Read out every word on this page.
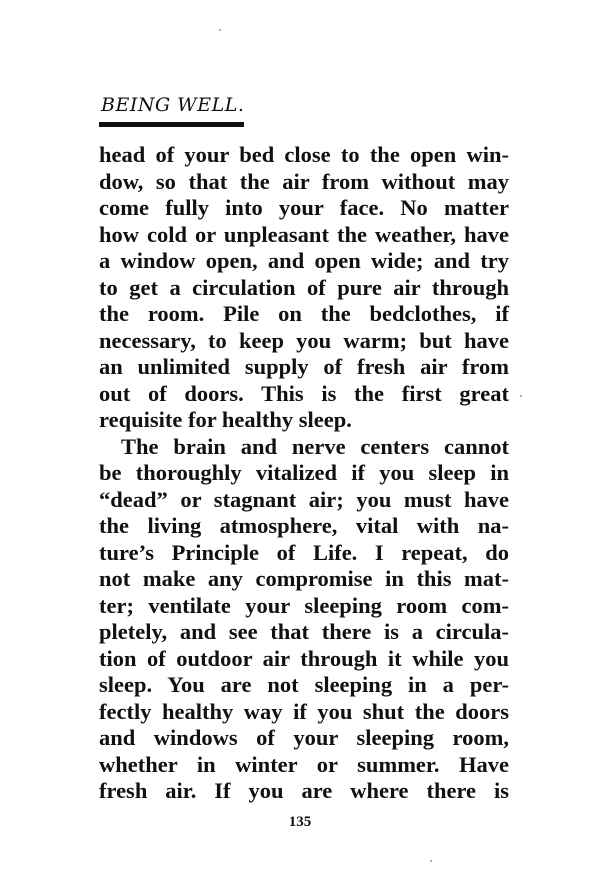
BEING WELL.
head of your bed close to the open win-
dow, so that the air from without may
come fully into your face. No matter
how cold or unpleasant the weather, have
a window open, and open wide; and try
to get a circulation of pure air through
the room. Pile on the bedclothes, if
necessary, to keep you warm; but have
an unlimited supply of fresh air from
out of doors. This is the first great
requisite for healthy sleep.
The brain and nerve centers cannot
be thoroughly vitalized if you sleep in
“dead” or stagnant air; you must have
the living atmosphere, vital with na-
ture’s Principle of Life. I repeat, do
not make any compromise in this mat-
ter; ventilate your sleeping room com-
pletely, and see that there is a circula-
tion of outdoor air through it while you
sleep. You are not sleeping in a per-
fectly healthy way if you shut the doors
and windows of your sleeping room,
whether in winter or summer. Have
fresh air. If you are where there is
135
